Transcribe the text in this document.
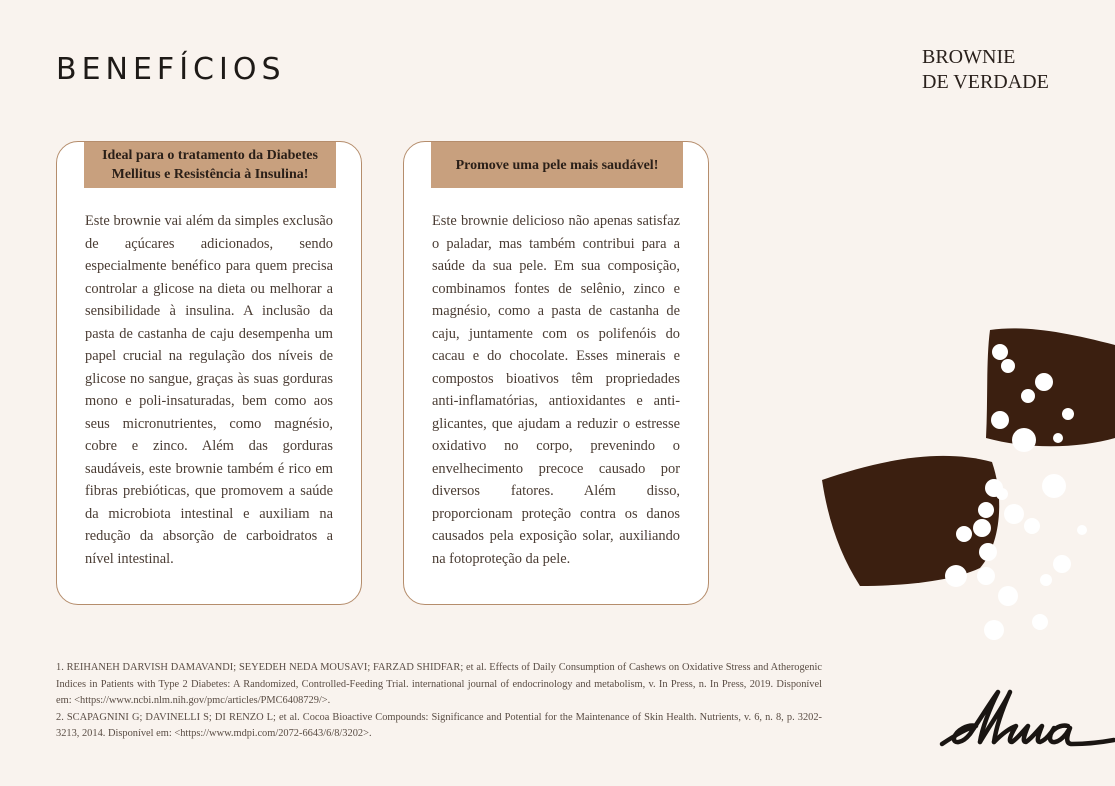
BENEFÍCIOS	BROWNIE
DE VERDADE
Ideal para o tratamento da Diabetes Mellitus e Resistência à Insulina!

Este brownie vai além da simples exclusão de açúcares adicionados, sendo especialmente benéfico para quem precisa controlar a glicose na dieta ou melhorar a sensibilidade à insulina. A inclusão da pasta de castanha de caju desempenha um papel crucial na regulação dos níveis de glicose no sangue, graças às suas gorduras mono e poli-insaturadas, bem como aos seus micronutrientes, como magnésio, cobre e zinco. Além das gorduras saudáveis, este brownie também é rico em fibras prebióticas, que promovem a saúde da microbiota intestinal e auxiliam na redução da absorção de carboidratos a nível intestinal.

Promove uma pele mais saudável!

Este brownie delicioso não apenas satisfaz o paladar, mas também contribui para a saúde da sua pele. Em sua composição, combinamos fontes de selênio, zinco e magnésio, como a pasta de castanha de caju, juntamente com os polifenóis do cacau e do chocolate. Esses minerais e compostos bioativos têm propriedades anti-inflamatórias, antioxidantes e anti-glicantes, que ajudam a reduzir o estresse oxidativo no corpo, prevenindo o envelhecimento precoce causado por diversos fatores. Além disso, proporcionam proteção contra os danos causados pela exposição solar, auxiliando na fotoproteção da pele.

1. REIHANEH DARVISH DAMAVANDI; SEYEDEH NEDA MOUSAVI; FARZAD SHIDFAR; et al. Effects of Daily Consumption of Cashews on Oxidative Stress and Atherogenic Indices in Patients with Type 2 Diabetes: A Randomized, Controlled-Feeding Trial. international journal of endocrinology and metabolism, v. In Press, n. In Press, 2019. Disponível em: <https://www.ncbi.nlm.nih.gov/pmc/articles/PMC6408729/>.

2. SCAPAGNINI G; DAVINELLI S; DI RENZO L; et al. Cocoa Bioactive Compounds: Significance and Potential for the Maintenance of Skin Health. Nutrients, v. 6, n. 8, p. 3202-3213, 2014. Disponível em: <https://www.mdpi.com/2072-6643/6/8/3202>.
